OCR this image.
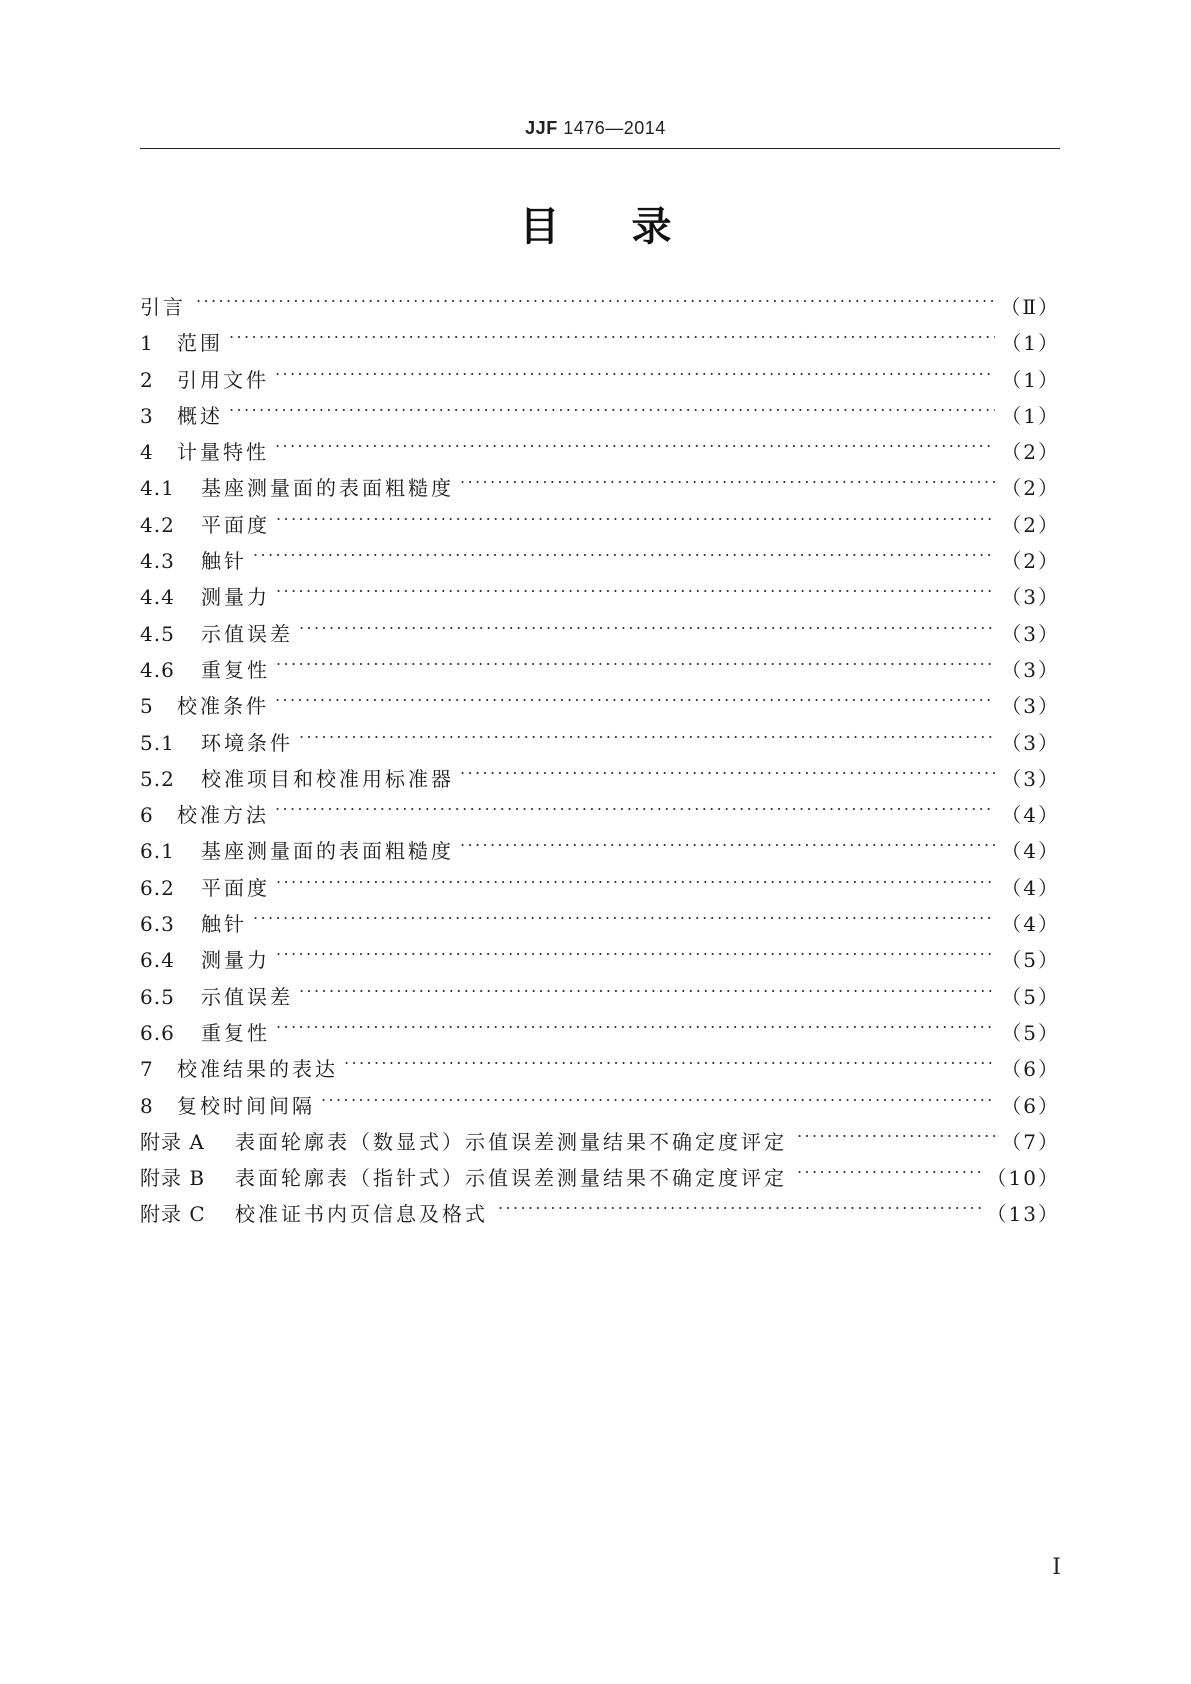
JJF 1476—2014
目录
引言 .....	（Ⅱ）
1	范围 .....	（1）
2	引用文件 .....	（1）
3	概述 .....	（1）
4	计量特性 .....	（2）
4.1	基座测量面的表面粗糙度 .....	（2）
4.2	平面度 .....	（2）
4.3	触针 .....	（2）
4.4	测量力 .....	（3）
4.5	示值误差 .....	（3）
4.6	重复性 .....	（3）
5	校准条件 .....	（3）
5.1	环境条件 .....	（3）
5.2	校准项目和校准用标准器 .....	（3）
6	校准方法 .....	（4）
6.1	基座测量面的表面粗糙度 .....	（4）
6.2	平面度 .....	（4）
6.3	触针 .....	（4）
6.4	测量力 .....	（5）
6.5	示值误差 .....	（5）
6.6	重复性 .....	（5）
7	校准结果的表达 .....	（6）
8	复校时间间隔 .....	（6）
附录 A	表面轮廓表（数显式）示值误差测量结果不确定度评定 .....	（7）
附录 B	表面轮廓表（指针式）示值误差测量结果不确定度评定 .....	（10）
附录 C	校准证书内页信息及格式 .....	（13）
I
